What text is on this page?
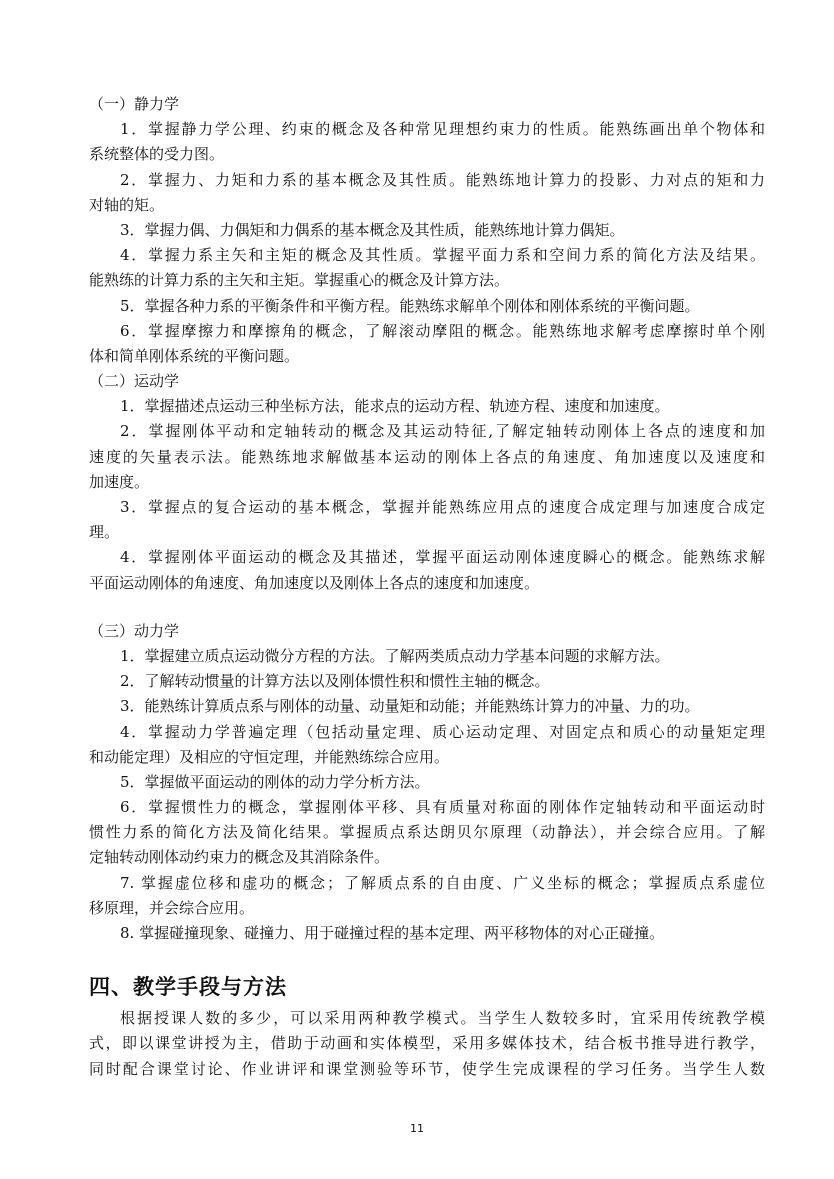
（一）静力学
1．掌握静力学公理、约束的概念及各种常见理想约束力的性质。能熟练画出单个物体和
系统整体的受力图。
2．掌握力、力矩和力系的基本概念及其性质。能熟练地计算力的投影、力对点的矩和力
对轴的矩。
3．掌握力偶、力偶矩和力偶系的基本概念及其性质，能熟练地计算力偶矩。
4．掌握力系主矢和主矩的概念及其性质。掌握平面力系和空间力系的简化方法及结果。
能熟练的计算力系的主矢和主矩。掌握重心的概念及计算方法。
5．掌握各种力系的平衡条件和平衡方程。能熟练求解单个刚体和刚体系统的平衡问题。
6．掌握摩擦力和摩擦角的概念，了解滚动摩阻的概念。能熟练地求解考虑摩擦时单个刚
体和简单刚体系统的平衡问题。
（二）运动学
1．掌握描述点运动三种坐标方法，能求点的运动方程、轨迹方程、速度和加速度。
2．掌握刚体平动和定轴转动的概念及其运动特征,了解定轴转动刚体上各点的速度和加
速度的矢量表示法。能熟练地求解做基本运动的刚体上各点的角速度、角加速度以及速度和
加速度。
3．掌握点的复合运动的基本概念，掌握并能熟练应用点的速度合成定理与加速度合成定
理。
4．掌握刚体平面运动的概念及其描述，掌握平面运动刚体速度瞬心的概念。能熟练求解
平面运动刚体的角速度、角加速度以及刚体上各点的速度和加速度。
（三）动力学
1．掌握建立质点运动微分方程的方法。了解两类质点动力学基本问题的求解方法。
2．了解转动惯量的计算方法以及刚体惯性积和惯性主轴的概念。
3．能熟练计算质点系与刚体的动量、动量矩和动能；并能熟练计算力的冲量、力的功。
4．掌握动力学普遍定理（包括动量定理、质心运动定理、对固定点和质心的动量矩定理
和动能定理）及相应的守恒定理，并能熟练综合应用。
5．掌握做平面运动的刚体的动力学分析方法。
6．掌握惯性力的概念，掌握刚体平移、具有质量对称面的刚体作定轴转动和平面运动时
惯性力系的简化方法及简化结果。掌握质点系达朗贝尔原理（动静法），并会综合应用。了解
定轴转动刚体动约束力的概念及其消除条件。
7. 掌握虚位移和虚功的概念；了解质点系的自由度、广义坐标的概念；掌握质点系虚位
移原理，并会综合应用。
8. 掌握碰撞现象、碰撞力、用于碰撞过程的基本定理、两平移物体的对心正碰撞。
四、教学手段与方法
根据授课人数的多少，可以采用两种教学模式。当学生人数较多时，宜采用传统教学模
式，即以课堂讲授为主，借助于动画和实体模型，采用多媒体技术，结合板书推导进行教学，
同时配合课堂讨论、作业讲评和课堂测验等环节，使学生完成课程的学习任务。当学生人数
11
